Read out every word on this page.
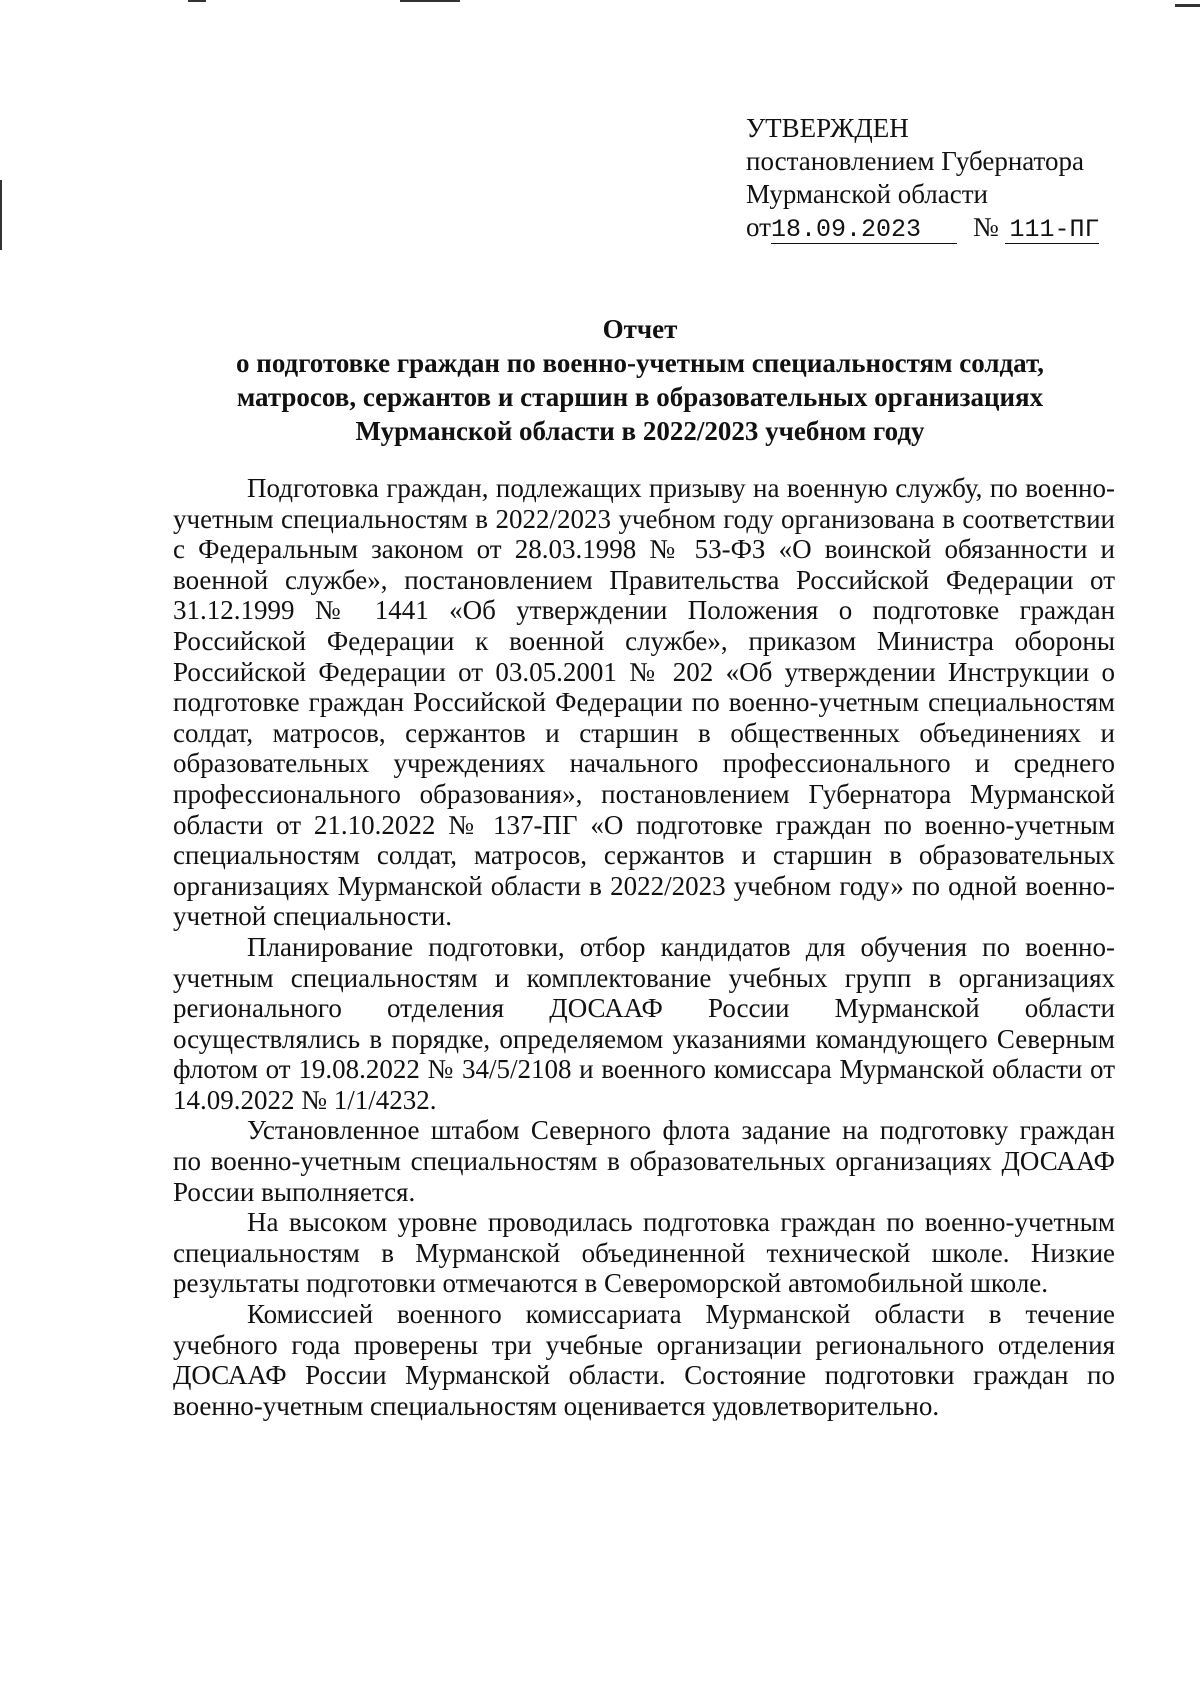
УТВЕРЖДЕН
постановлением Губернатора
Мурманской области
от18.09.2023 № 111-ПГ
Отчет
о подготовке граждан по военно-учетным специальностям солдат,
матросов, сержантов и старшин в образовательных организациях
Мурманской области в 2022/2023 учебном году

Подготовка граждан, подлежащих призыву на военную службу, по военно-учетным специальностям в 2022/2023 учебном году организована в соответствии с Федеральным законом от 28.03.1998 № 53-ФЗ «О воинской обязанности и военной службе», постановлением Правительства Российской Федерации от 31.12.1999 № 1441 «Об утверждении Положения о подготовке граждан Российской Федерации к военной службе», приказом Министра обороны Российской Федерации от 03.05.2001 № 202 «Об утверждении Инструкции о подготовке граждан Российской Федерации по военно-учетным специальностям солдат, матросов, сержантов и старшин в общественных объединениях и образовательных учреждениях начального профессионального и среднего профессионального образования», постановлением Губернатора Мурманской области от 21.10.2022 № 137-ПГ «О подготовке граждан по военно-учетным специальностям солдат, матросов, сержантов и старшин в образовательных организациях Мурманской области в 2022/2023 учебном году» по одной военно-учетной специальности.

Планирование подготовки, отбор кандидатов для обучения по военно-учетным специальностям и комплектование учебных групп в организациях регионального отделения ДОСААФ России Мурманской области осуществлялись в порядке, определяемом указаниями командующего Северным флотом от 19.08.2022 № 34/5/2108 и военного комиссара Мурманской области от 14.09.2022 № 1/1/4232.

Установленное штабом Северного флота задание на подготовку граждан по военно-учетным специальностям в образовательных организациях ДОСААФ России выполняется.

На высоком уровне проводилась подготовка граждан по военно-учетным специальностям в Мурманской объединенной технической школе. Низкие результаты подготовки отмечаются в Североморской автомобильной школе.

Комиссией военного комиссариата Мурманской области в течение учебного года проверены три учебные организации регионального отделения ДОСААФ России Мурманской области. Состояние подготовки граждан по военно-учетным специальностям оценивается удовлетворительно.
